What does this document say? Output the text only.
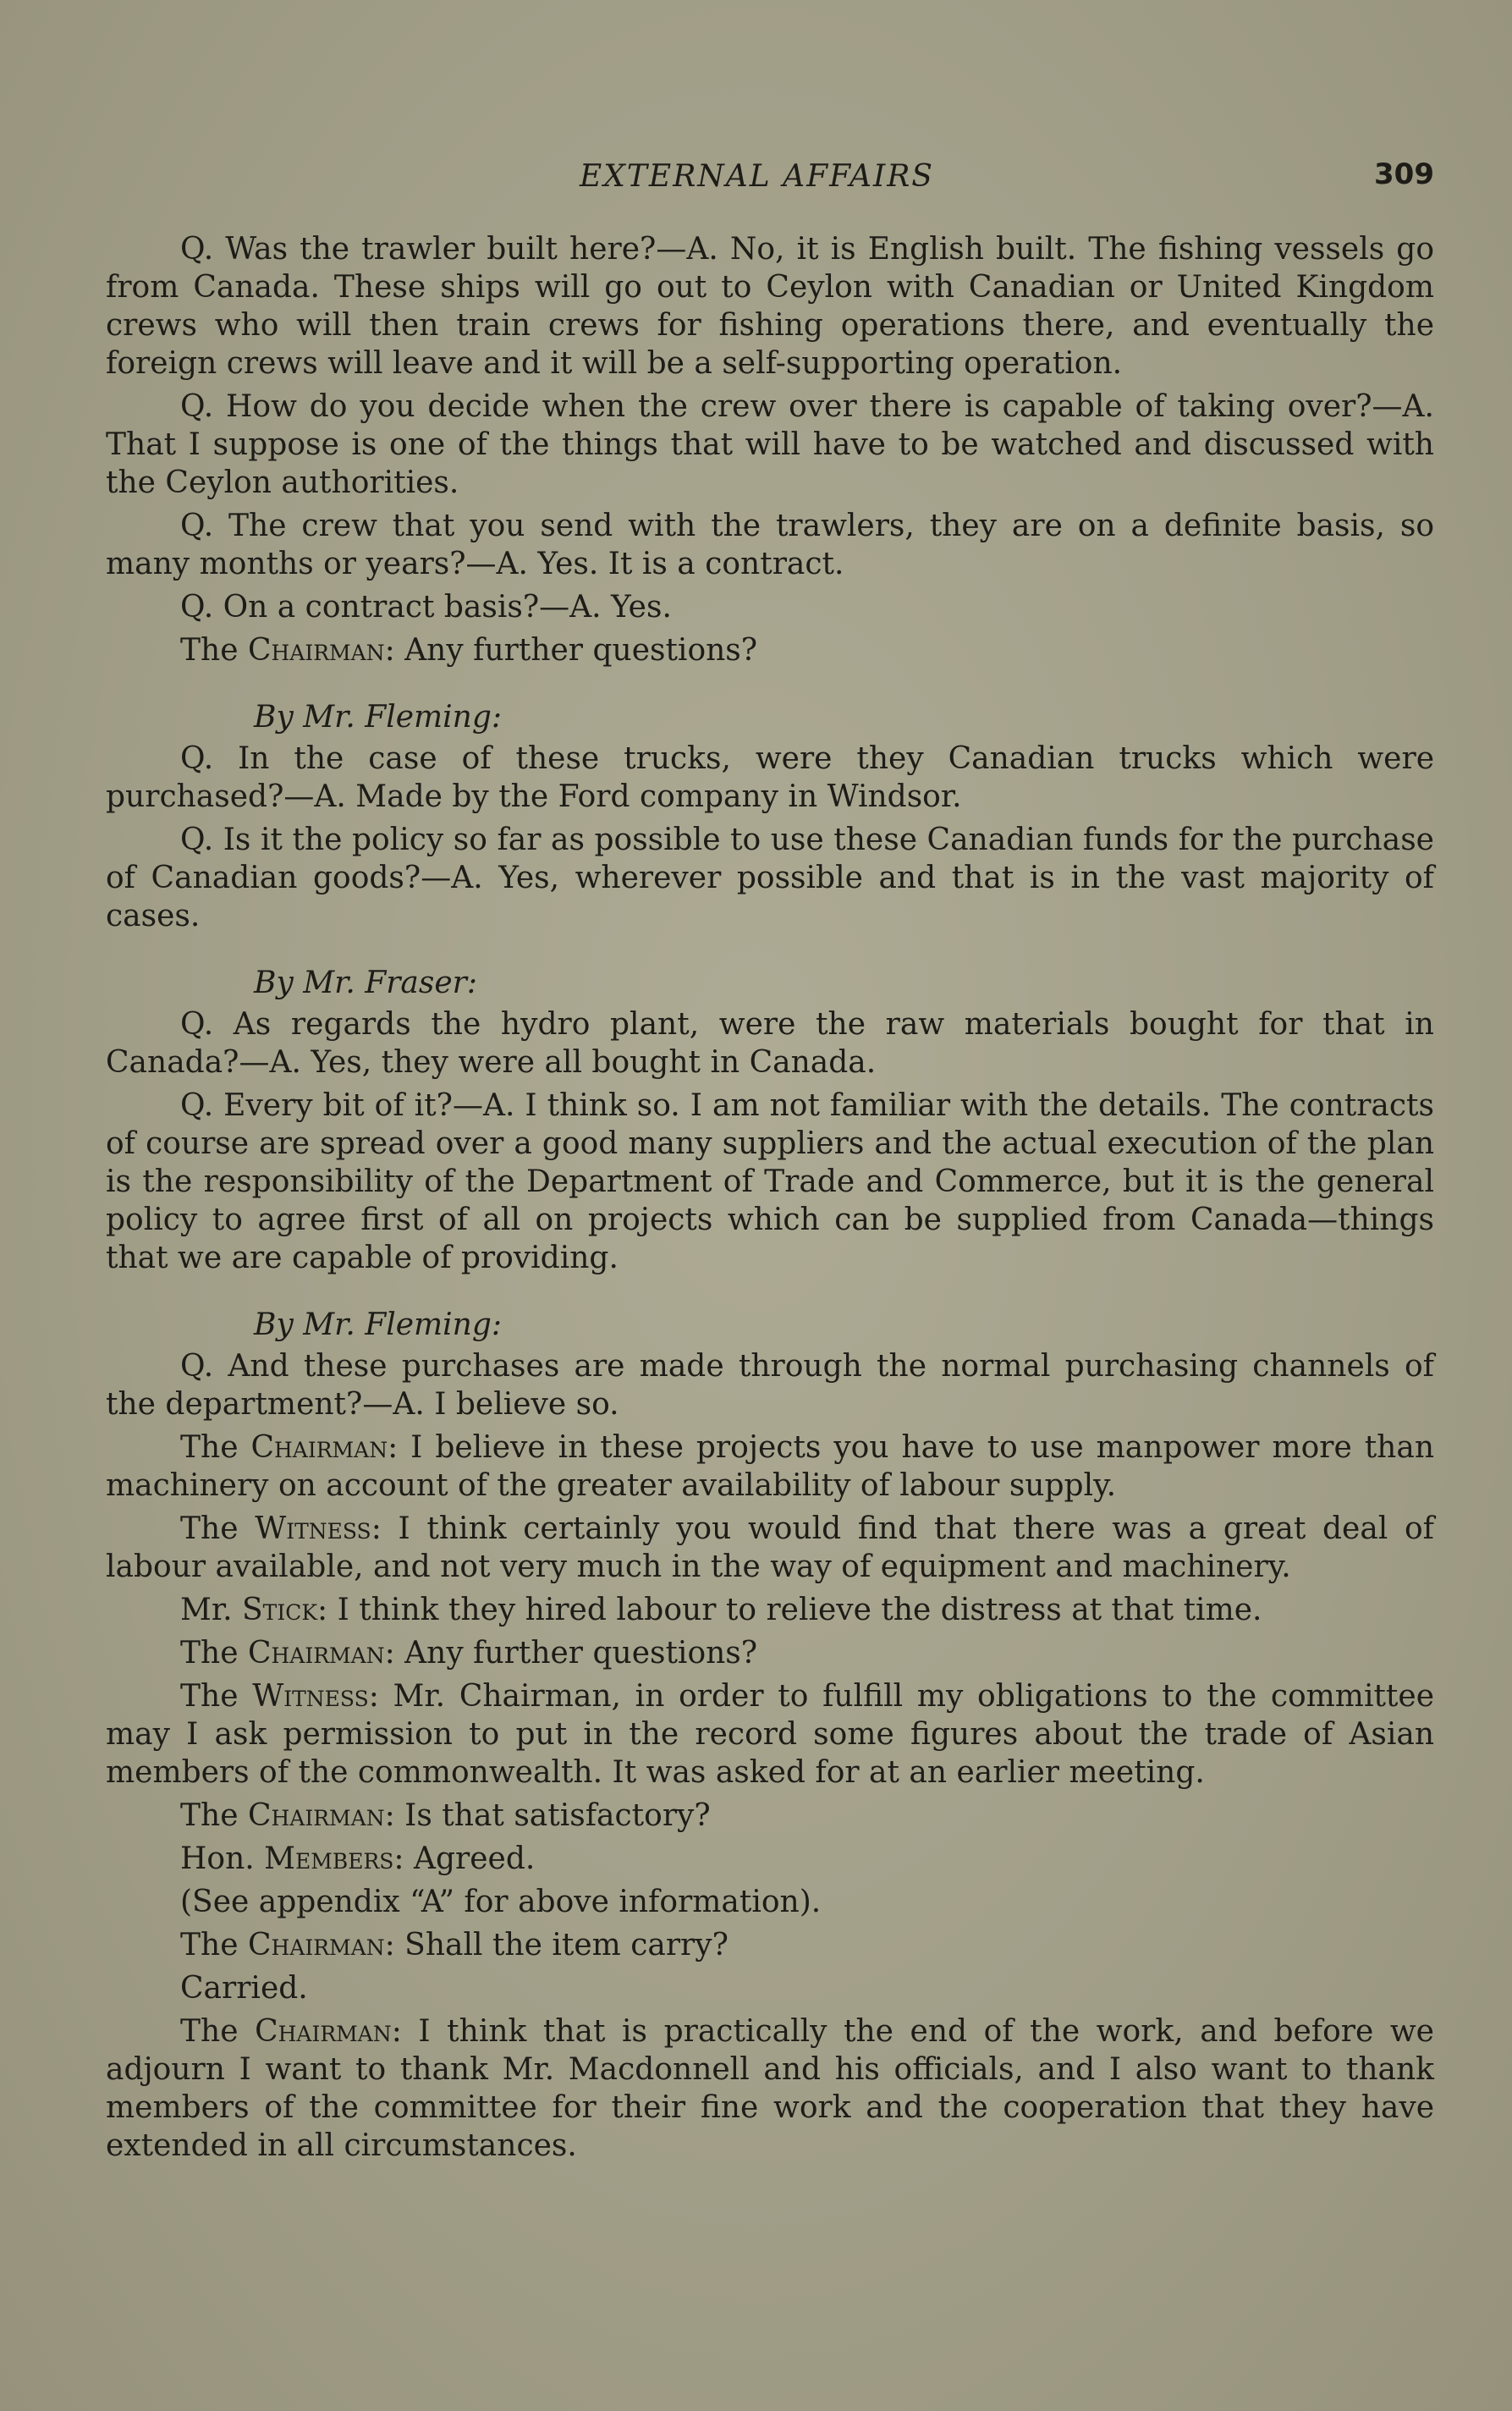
EXTERNAL AFFAIRS	309

Q. Was the trawler built here?—A. No, it is English built. The fishing vessels go from Canada. These ships will go out to Ceylon with Canadian or United Kingdom crews who will then train crews for fishing operations there, and eventually the foreign crews will leave and it will be a self-supporting operation.

Q. How do you decide when the crew over there is capable of taking over?—A. That I suppose is one of the things that will have to be watched and discussed with the Ceylon authorities.

Q. The crew that you send with the trawlers, they are on a definite basis, so many months or years?—A. Yes. It is a contract.

Q. On a contract basis?—A. Yes.

The Chairman: Any further questions?

By Mr. Fleming:

Q. In the case of these trucks, were they Canadian trucks which were purchased?—A. Made by the Ford company in Windsor.

Q. Is it the policy so far as possible to use these Canadian funds for the purchase of Canadian goods?—A. Yes, wherever possible and that is in the vast majority of cases.

By Mr. Fraser:

Q. As regards the hydro plant, were the raw materials bought for that in Canada?—A. Yes, they were all bought in Canada.

Q. Every bit of it?—A. I think so. I am not familiar with the details. The contracts of course are spread over a good many suppliers and the actual execution of the plan is the responsibility of the Department of Trade and Commerce, but it is the general policy to agree first of all on projects which can be supplied from Canada—things that we are capable of providing.

By Mr. Fleming:

Q. And these purchases are made through the normal purchasing channels of the department?—A. I believe so.

The Chairman: I believe in these projects you have to use manpower more than machinery on account of the greater availability of labour supply.

The Witness: I think certainly you would find that there was a great deal of labour available, and not very much in the way of equipment and machinery.

Mr. Stick: I think they hired labour to relieve the distress at that time.

The Chairman: Any further questions?

The Witness: Mr. Chairman, in order to fulfill my obligations to the committee may I ask permission to put in the record some figures about the trade of Asian members of the commonwealth. It was asked for at an earlier meeting.

The Chairman: Is that satisfactory?

Hon. Members: Agreed.

(See appendix “A” for above information).

The Chairman: Shall the item carry?

Carried.

The Chairman: I think that is practically the end of the work, and before we adjourn I want to thank Mr. Macdonnell and his officials, and I also want to thank members of the committee for their fine work and the cooperation that they have extended in all circumstances.
